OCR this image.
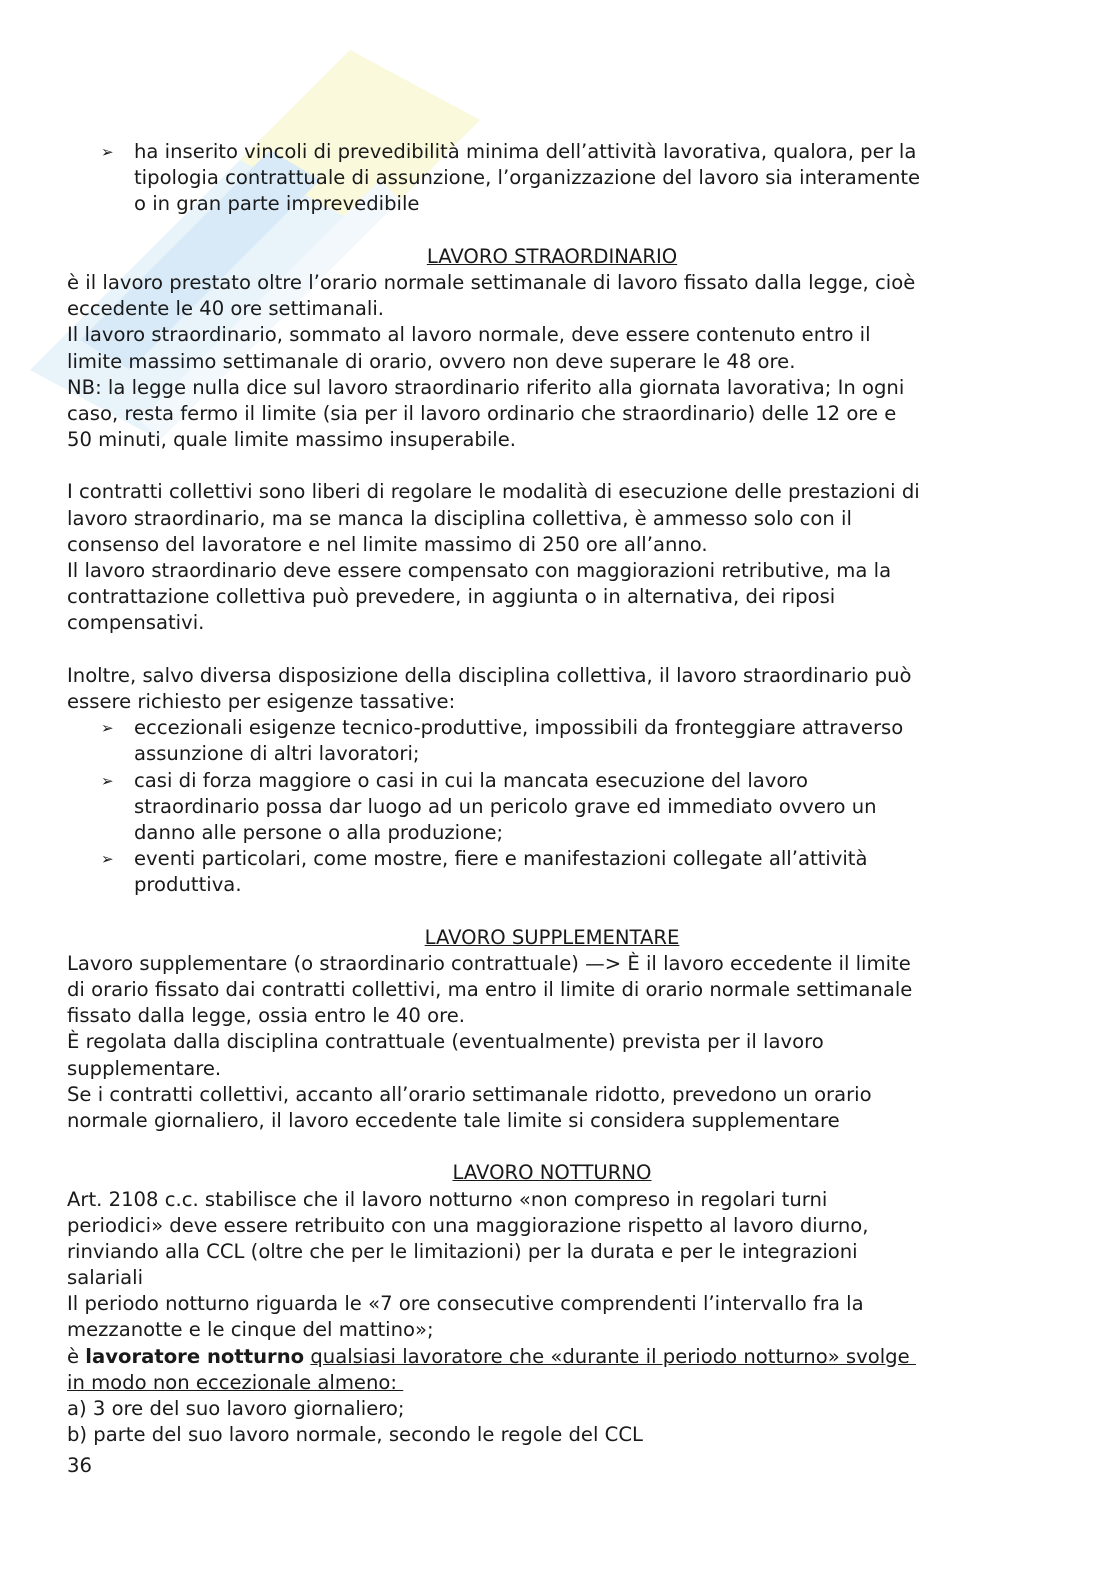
➢ ha inserito vincoli di prevedibilità minima dell’attività lavorativa, qualora, per la
tipologia contrattuale di assunzione, l’organizzazione del lavoro sia interamente
o in gran parte imprevedibile
LAVORO STRAORDINARIO
è il lavoro prestato oltre l’orario normale settimanale di lavoro fissato dalla legge, cioè
eccedente le 40 ore settimanali.
Il lavoro straordinario, sommato al lavoro normale, deve essere contenuto entro il
limite massimo settimanale di orario, ovvero non deve superare le 48 ore.
NB: la legge nulla dice sul lavoro straordinario riferito alla giornata lavorativa; In ogni
caso, resta fermo il limite (sia per il lavoro ordinario che straordinario) delle 12 ore e
50 minuti, quale limite massimo insuperabile.
I contratti collettivi sono liberi di regolare le modalità di esecuzione delle prestazioni di
lavoro straordinario, ma se manca la disciplina collettiva, è ammesso solo con il
consenso del lavoratore e nel limite massimo di 250 ore all’anno.
Il lavoro straordinario deve essere compensato con maggiorazioni retributive, ma la
contrattazione collettiva può prevedere, in aggiunta o in alternativa, dei riposi
compensativi.
Inoltre, salvo diversa disposizione della disciplina collettiva, il lavoro straordinario può
essere richiesto per esigenze tassative:
➢ eccezionali esigenze tecnico-produttive, impossibili da fronteggiare attraverso
assunzione di altri lavoratori;
➢ casi di forza maggiore o casi in cui la mancata esecuzione del lavoro
straordinario possa dar luogo ad un pericolo grave ed immediato ovvero un
danno alle persone o alla produzione;
➢ eventi particolari, come mostre, fiere e manifestazioni collegate all’attività
produttiva.
LAVORO SUPPLEMENTARE
Lavoro supplementare (o straordinario contrattuale) —> È il lavoro eccedente il limite
di orario fissato dai contratti collettivi, ma entro il limite di orario normale settimanale
fissato dalla legge, ossia entro le 40 ore.
È regolata dalla disciplina contrattuale (eventualmente) prevista per il lavoro
supplementare.
Se i contratti collettivi, accanto all’orario settimanale ridotto, prevedono un orario
normale giornaliero, il lavoro eccedente tale limite si considera supplementare
LAVORO NOTTURNO
Art. 2108 c.c. stabilisce che il lavoro notturno «non compreso in regolari turni
periodici» deve essere retribuito con una maggiorazione rispetto al lavoro diurno,
rinviando alla CCL (oltre che per le limitazioni) per la durata e per le integrazioni
salariali
Il periodo notturno riguarda le «7 ore consecutive comprendenti l’intervallo fra la
mezzanotte e le cinque del mattino»;
è lavoratore notturno qualsiasi lavoratore che «durante il periodo notturno» svolge
in modo non eccezionale almeno:
a) 3 ore del suo lavoro giornaliero;
b) parte del suo lavoro normale, secondo le regole del CCL
36
